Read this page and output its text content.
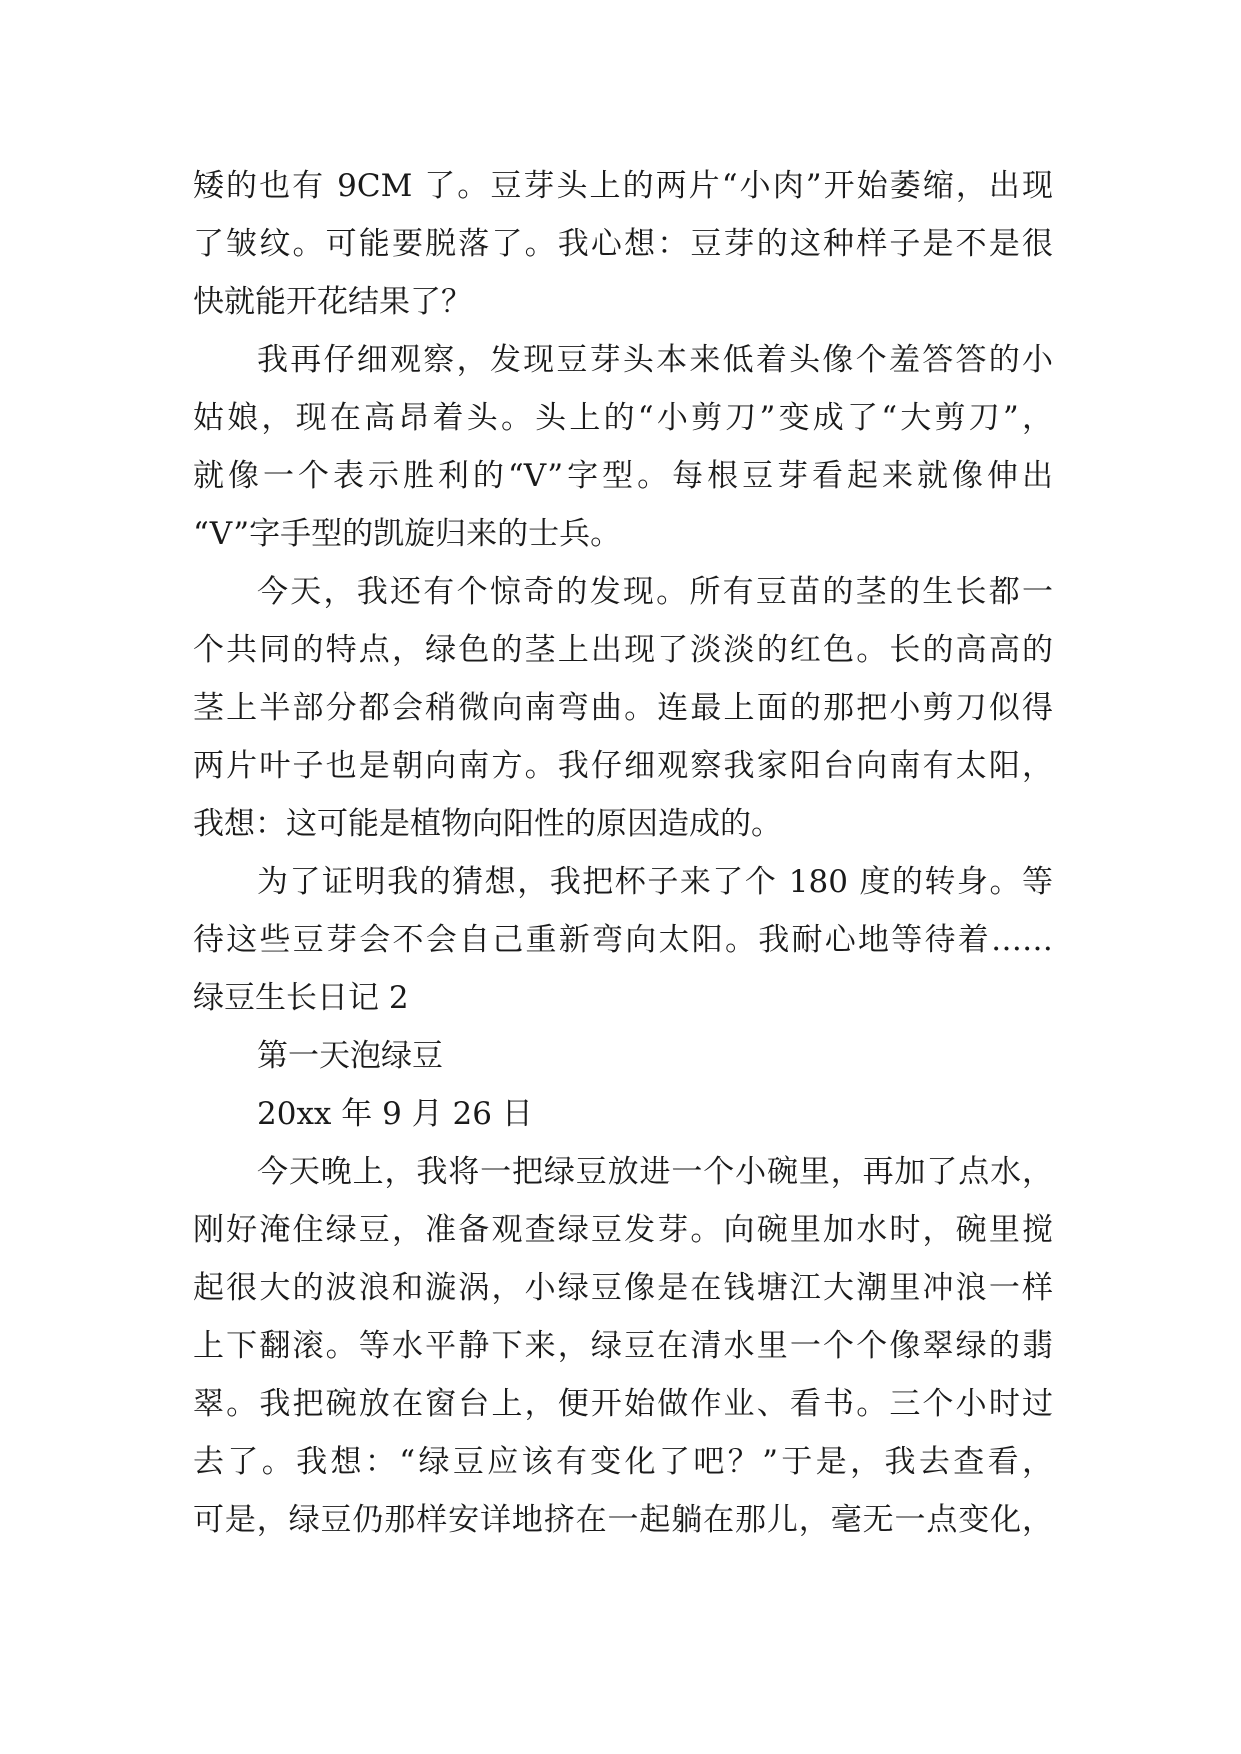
矮的也有 9CM 了。豆芽头上的两片“小肉”开始萎缩，出现
了皱纹。可能要脱落了。我心想：豆芽的这种样子是不是很
快就能开花结果了？
我再仔细观察，发现豆芽头本来低着头像个羞答答的小
姑娘，现在高昂着头。头上的“小剪刀”变成了“大剪刀”，
就像一个表示胜利的“V”字型。每根豆芽看起来就像伸出
“V”字手型的凯旋归来的士兵。
今天，我还有个惊奇的发现。所有豆苗的茎的生长都一
个共同的特点，绿色的茎上出现了淡淡的红色。长的高高的
茎上半部分都会稍微向南弯曲。连最上面的那把小剪刀似得
两片叶子也是朝向南方。我仔细观察我家阳台向南有太阳，
我想：这可能是植物向阳性的原因造成的。
为了证明我的猜想，我把杯子来了个 180 度的转身。等
待这些豆芽会不会自己重新弯向太阳。我耐心地等待着……
绿豆生长日记 2
第一天泡绿豆
20xx 年 9 月 26 日
今天晚上，我将一把绿豆放进一个小碗里，再加了点水，
刚好淹住绿豆，准备观查绿豆发芽。向碗里加水时，碗里搅
起很大的波浪和漩涡，小绿豆像是在钱塘江大潮里冲浪一样
上下翻滚。等水平静下来，绿豆在清水里一个个像翠绿的翡
翠。我把碗放在窗台上，便开始做作业、看书。三个小时过
去了。我想：“绿豆应该有变化了吧？”于是，我去查看，
可是，绿豆仍那样安详地挤在一起躺在那儿，毫无一点变化，
